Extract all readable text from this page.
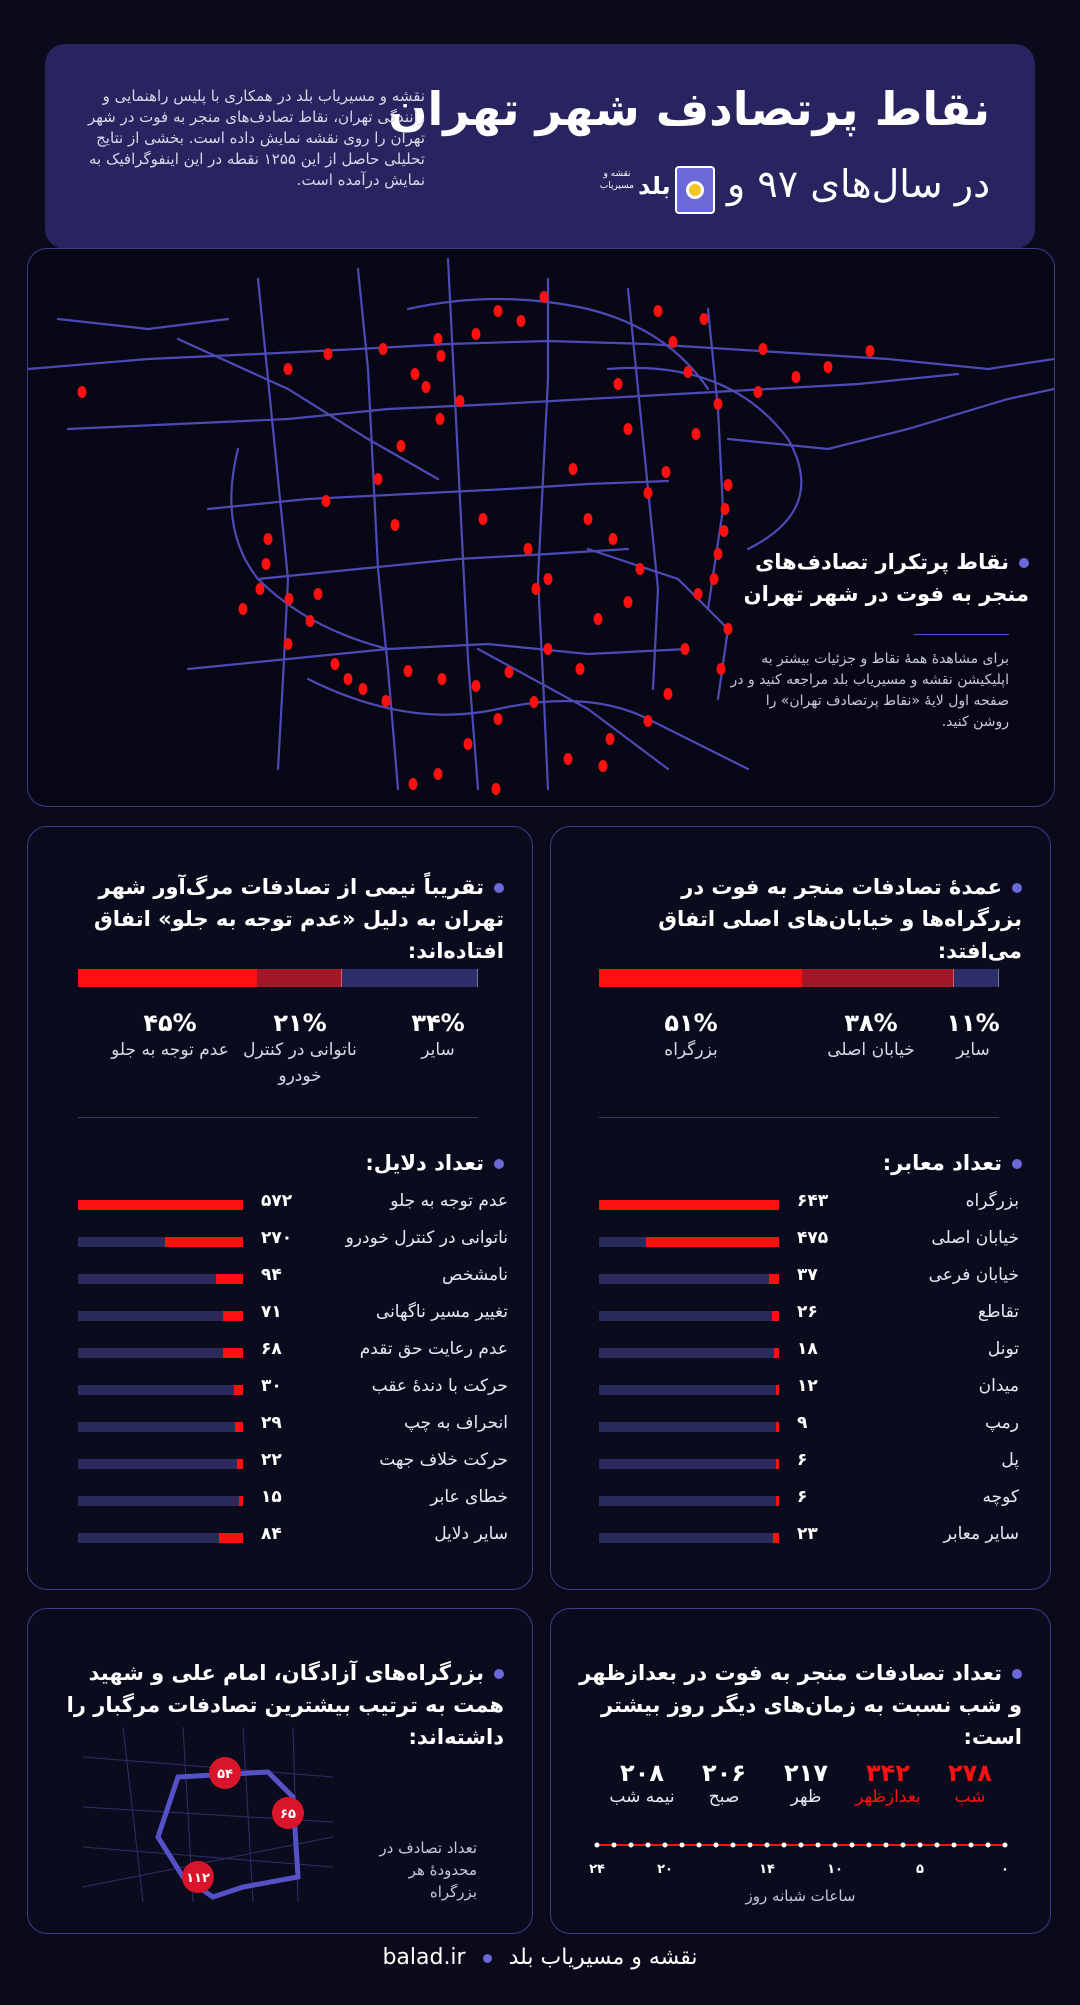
نقاط پرتصادف شهر تهران
در سال‌های ۹۷ و
نقشه و مسیریاب بلد در همکاری با پلیس راهنمایی و رانندگی تهران، نقاط تصادف‌های منجر به فوت در شهر تهران را روی نقشه نمایش داده است. بخشی از نتایج تحلیلی حاصل از این ۱۲۵۵ نقطه در این اینفوگرافیک به نمایش درآمده است.	بلد
نقشه و مسیریاب
نقاط پرتکرار تصادف‌های منجر به فوت در شهر تهران
برای مشاهدهٔ همهٔ نقاط و جزئیات بیشتر به اپلیکیشن نقشه و مسیریاب بلد مراجعه کنید و در صفحه اول لایهٔ «نقاط پرتصادف تهران» را روشن کنید.
عمدهٔ تصادفات منجر به فوت در بزرگراه‌ها و خیابان‌های اصلی اتفاق می‌افتد:
۵۱%
بزرگراه
۳۸%
خیابان اصلی
۱۱%
سایر
تعداد معابر:
۶۴۳	بزرگراه
۴۷۵	خیابان اصلی
۳۷	خیابان فرعی
۲۶	تقاطع
۱۸	تونل
۱۲	میدان
۹	رمپ
۶	پل
۶	کوچه
۲۳	سایر معابر
تقریباً نیمی از تصادفات مرگ‌آور شهر تهران به دلیل «عدم توجه به جلو» اتفاق افتاده‌اند:
۴۵%
عدم توجه به جلو
۲۱%
ناتوانی در کنترل خودرو
۳۴%
سایر
تعداد دلایل:
۵۷۲	عدم توجه به جلو
۲۷۰	ناتوانی در کنترل خودرو
۹۴	نامشخص
۷۱	تغییر مسیر ناگهانی
۶۸	عدم رعایت حق تقدم
۳۰	حرکت با دندهٔ عقب
۲۹	انحراف به چپ
۲۲	حرکت خلاف جهت
۱۵	خطای عابر
۸۴	سایر دلایل
تعداد تصادفات منجر به فوت در بعدازظهر و شب نسبت به زمان‌های دیگر روز بیشتر است:
۲۷۸
شب
۳۴۲
بعدازظهر
۲۱۷
ظهر
۲۰۶
صبح
۲۰۸
نیمه شب
۰
۵
۱۰
۱۴
۲۰
۲۴
ساعات شبانه روز
بزرگراه‌های آزادگان، امام علی و شهید همت به ترتیب بیشترین تصادفات مرگبار را داشته‌اند:
۵۴
۶۵
۱۱۲
تعداد تصادف در محدودهٔ هر بزرگراه
نقشه و مسیریاب بلد  balad.ir
